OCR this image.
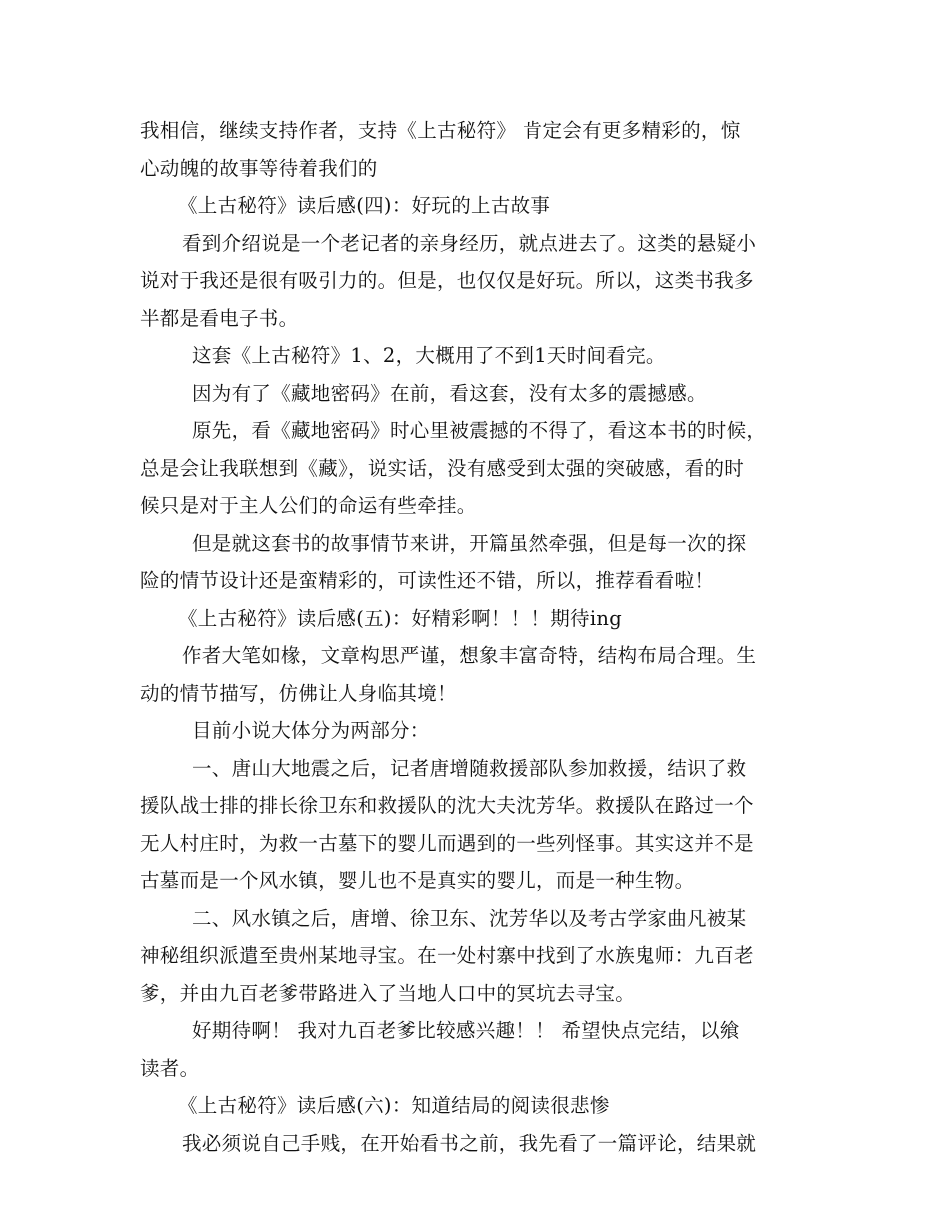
我相信，继续支持作者，支持《上古秘符》 肯定会有更多精彩的，惊
心动魄的故事等待着我们的
《上古秘符》读后感(四)：好玩的上古故事
看到介绍说是一个老记者的亲身经历，就点进去了。这类的悬疑小
说对于我还是很有吸引力的。但是，也仅仅是好玩。所以，这类书我多
半都是看电子书。
这套《上古秘符》1、2，大概用了不到1天时间看完。
因为有了《藏地密码》在前，看这套，没有太多的震撼感。
原先，看《藏地密码》时心里被震撼的不得了，看这本书的时候，
总是会让我联想到《藏》，说实话，没有感受到太强的突破感，看的时
候只是对于主人公们的命运有些牵挂。
但是就这套书的故事情节来讲，开篇虽然牵强，但是每一次的探
险的情节设计还是蛮精彩的，可读性还不错，所以，推荐看看啦！
《上古秘符》读后感(五)：好精彩啊！！！期待ing
作者大笔如椽，文章构思严谨，想象丰富奇特，结构布局合理。生
动的情节描写，仿佛让人身临其境！
目前小说大体分为两部分：
一、唐山大地震之后，记者唐增随救援部队参加救援，结识了救
援队战士排的排长徐卫东和救援队的沈大夫沈芳华。救援队在路过一个
无人村庄时，为救一古墓下的婴儿而遇到的一些列怪事。其实这并不是
古墓而是一个风水镇，婴儿也不是真实的婴儿，而是一种生物。
二、风水镇之后，唐增、徐卫东、沈芳华以及考古学家曲凡被某
神秘组织派遣至贵州某地寻宝。在一处村寨中找到了水族鬼师：九百老
爹，并由九百老爹带路进入了当地人口中的冥坑去寻宝。
好期待啊！ 我对九百老爹比较感兴趣！！ 希望快点完结，以飨
读者。
《上古秘符》读后感(六)：知道结局的阅读很悲惨
我必须说自己手贱，在开始看书之前，我先看了一篇评论，结果就
